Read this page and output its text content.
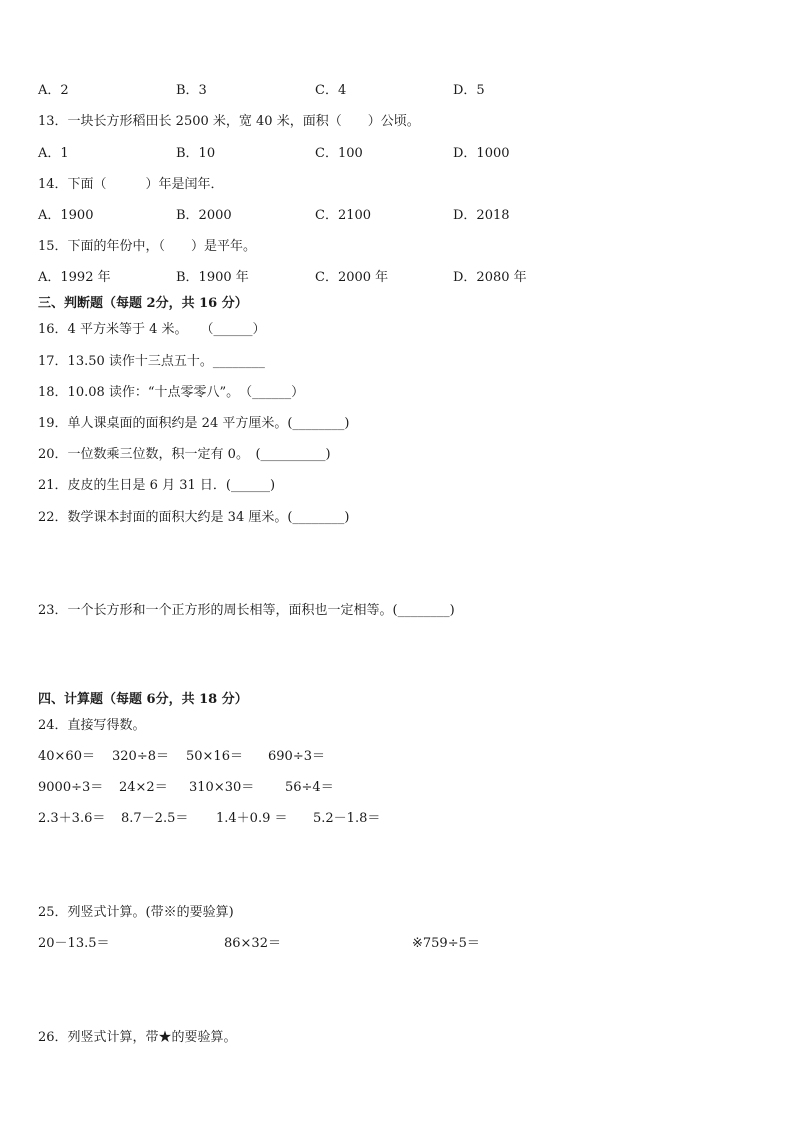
A．2	B．3	C．4	D．5
13．一块长方形稻田长 2500 米，宽 40 米，面积（　　）公顷。
A．1	B．10	C．100	D．1000
14．下面（　　　）年是闰年．
A．1900	B．2000	C．2100	D．2018
15．下面的年份中，（　　）是平年。
A．1992 年	B．1900 年	C．2000 年	D．2080 年
三、判断题（每题 2分，共 16 分）
16．4 平方米等于 4 米。　　（______）
17．13.50 读作十三点五十。________
18．10.08 读作：“十点零零八”。　（______）
19．单人课桌面的面积约是 24 平方厘米。(________)
20．一位数乘三位数，积一定有 0。　(__________)
21．皮皮的生日是 6 月 31 日．(______)
22．数学课本封面的面积大约是 34 厘米。(________)
23．一个长方形和一个正方形的周长相等，面积也一定相等。(________)
四、计算题（每题 6分，共 18 分）
24．直接写得数。
40×60＝ 320÷8＝ 50×16＝ 690÷3＝
9000÷3＝ 24×2＝ 310×30＝ 56÷4＝
2.3＋3.6＝ 8.7－2.5＝ 1.4＋0.9 ＝ 5.2－1.8＝
25．列竖式计算。(带※的要验算)
20－13.5＝	86×32＝	※759÷5＝
26．列竖式计算，带★的要验算。
